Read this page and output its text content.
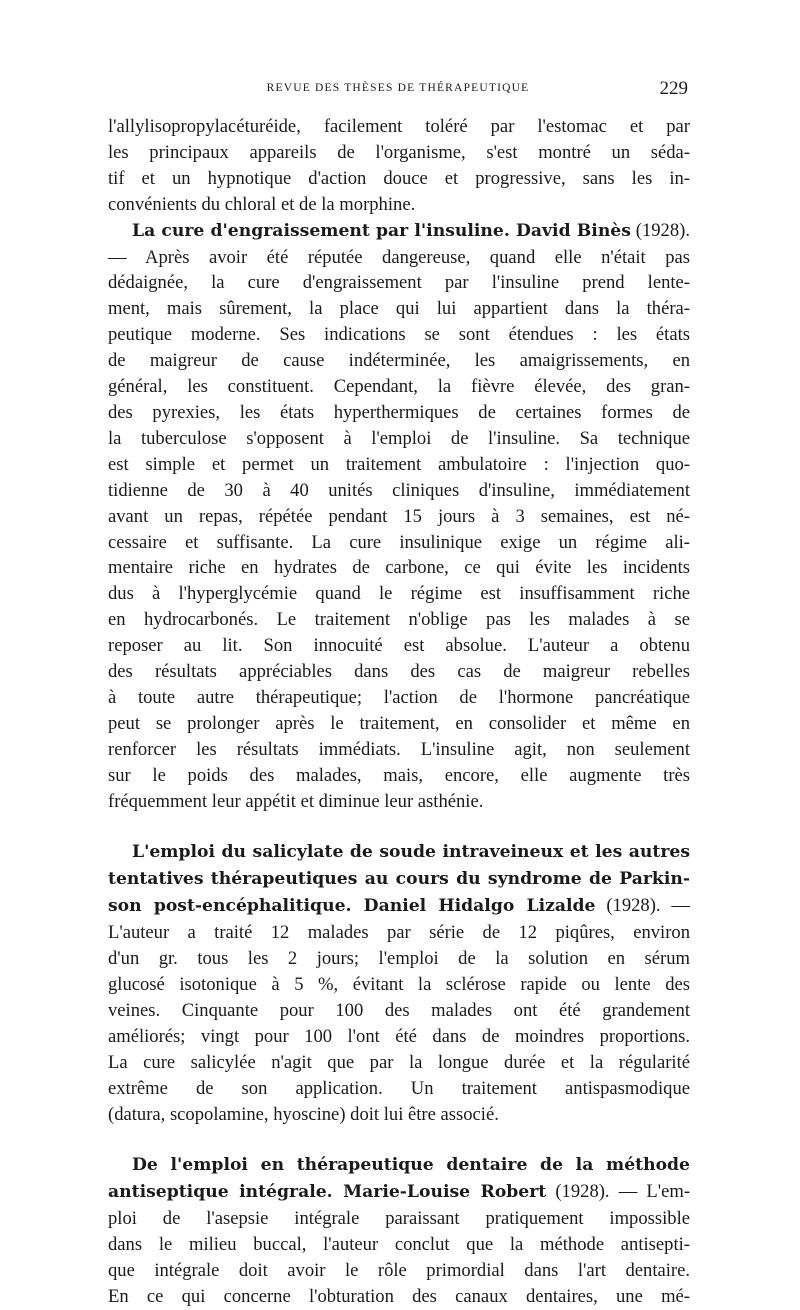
REVUE DES THÈSES DE THÉRAPEUTIQUE	229

l'allylisopropylacéturéide, facilement toléré par l'estomac et par

les principaux appareils de l'organisme, s'est montré un séda-

tif et un hypnotique d'action douce et progressive, sans les in-

convénients du chloral et de la morphine.

La cure d'engraissement par l'insuline. David Binès (1928).

— Après avoir été réputée dangereuse, quand elle n'était pas

dédaignée, la cure d'engraissement par l'insuline prend lente-

ment, mais sûrement, la place qui lui appartient dans la théra-

peutique moderne. Ses indications se sont étendues : les états

de maigreur de cause indéterminée, les amaigrissements, en

général, les constituent. Cependant, la fièvre élevée, des gran-

des pyrexies, les états hyperthermiques de certaines formes de

la tuberculose s'opposent à l'emploi de l'insuline. Sa technique

est simple et permet un traitement ambulatoire : l'injection quo-

tidienne de 30 à 40 unités cliniques d'insuline, immédiatement

avant un repas, répétée pendant 15 jours à 3 semaines, est né-

cessaire et suffisante. La cure insulinique exige un régime ali-

mentaire riche en hydrates de carbone, ce qui évite les incidents

dus à l'hyperglycémie quand le régime est insuffisamment riche

en hydrocarbonés. Le traitement n'oblige pas les malades à se

reposer au lit. Son innocuité est absolue. L'auteur a obtenu

des résultats appréciables dans des cas de maigreur rebelles

à toute autre thérapeutique; l'action de l'hormone pancréatique

peut se prolonger après le traitement, en consolider et même en

renforcer les résultats immédiats. L'insuline agit, non seulement

sur le poids des malades, mais, encore, elle augmente très

fréquemment leur appétit et diminue leur asthénie.

L'emploi du salicylate de soude intraveineux et les autres

tentatives thérapeutiques au cours du syndrome de Parkin-

son post-encéphalitique. Daniel Hidalgo Lizalde (1928). —

L'auteur a traité 12 malades par série de 12 piqûres, environ

d'un gr. tous les 2 jours; l'emploi de la solution en sérum

glucosé isotonique à 5 %, évitant la sclérose rapide ou lente des

veines. Cinquante pour 100 des malades ont été grandement

améliorés; vingt pour 100 l'ont été dans de moindres proportions.

La cure salicylée n'agit que par la longue durée et la régularité

extrême de son application. Un traitement antispasmodique

(datura, scopolamine, hyoscine) doit lui être associé.

De l'emploi en thérapeutique dentaire de la méthode

antiseptique intégrale. Marie-Louise Robert (1928). — L'em-

ploi de l'asepsie intégrale paraissant pratiquement impossible

dans le milieu buccal, l'auteur conclut que la méthode antisepti-

que intégrale doit avoir le rôle primordial dans l'art dentaire.

En ce qui concerne l'obturation des canaux dentaires, une mé-
